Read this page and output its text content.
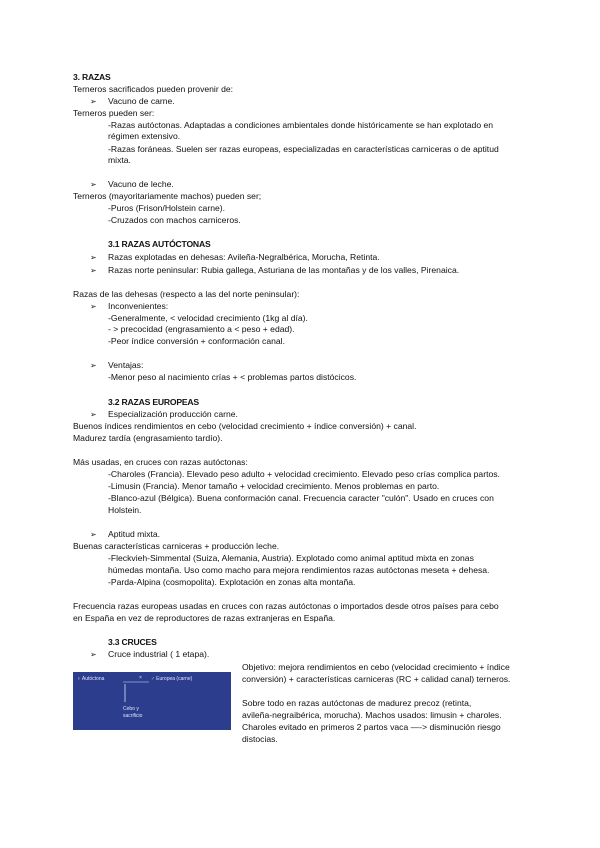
3. RAZAS
Terneros sacrificados pueden provenir de:
➢ Vacuno de carne.
Terneros pueden ser:
-Razas autóctonas. Adaptadas a condiciones ambientales donde históricamente se han explotado en
régimen extensivo.
-Razas foráneas. Suelen ser razas europeas, especializadas en características carniceras o de aptitud
mixta.
➢ Vacuno de leche.
Terneros (mayoritariamente machos) pueden ser;
-Puros (Frison/Holstein carne).
-Cruzados con machos carniceros.
3.1 RAZAS AUTÓCTONAS
➢ Razas explotadas en dehesas: Avileña-Negralbérica, Morucha, Retinta.
➢ Razas norte peninsular: Rubia gallega, Asturiana de las montañas y de los valles, Pirenaica.
Razas de las dehesas (respecto a las del norte peninsular):
➢ Inconvenientes:
-Generalmente, < velocidad crecimiento (1kg al día).
- > precocidad (engrasamiento a < peso + edad).
-Peor índice conversión + conformación canal.
➢ Ventajas:
-Menor peso al nacimiento crías + < problemas partos distócicos.
3.2 RAZAS EUROPEAS
➢ Especialización producción carne.
Buenos índices rendimientos en cebo (velocidad crecimiento + índice conversión) + canal.
Madurez tardía (engrasamiento tardío).
Más usadas, en cruces con razas autóctonas:
-Charoles (Francia). Elevado peso adulto + velocidad crecimiento. Elevado peso crías complica partos.
-Limusin (Francia). Menor tamaño + velocidad crecimiento. Menos problemas en parto.
-Blanco-azul (Bélgica). Buena conformación canal. Frecuencia caracter "culón". Usado en cruces con
Holstein.
➢ Aptitud mixta.
Buenas características carniceras + producción leche.
-Fleckvieh-Simmental (Suiza, Alemania, Austria). Explotado como animal aptitud mixta en zonas
húmedas montaña. Uso como macho para mejora rendimientos razas autóctonas meseta + dehesa.
-Parda-Alpina (cosmopolita). Explotación en zonas alta montaña.
Frecuencia razas europeas usadas en cruces con razas autóctonas o importados desde otros países para cebo
en España en vez de reproductores de razas extranjeras en España.
3.3 CRUCES
➢ Cruce industrial ( 1 etapa).
♀ Autóctona	× ♂ Europea (carne)
Cebo y
sacrificio
Objetivo: mejora rendimientos en cebo (velocidad crecimiento + índice
conversión) + características carniceras (RC + calidad canal) terneros.
Sobre todo en razas autóctonas de madurez precoz (retinta,
avileña-negraibérica, morucha). Machos usados: limusin + charoles.
Charoles evitado en primeros 2 partos vaca —-> disminución riesgo
distocias.
